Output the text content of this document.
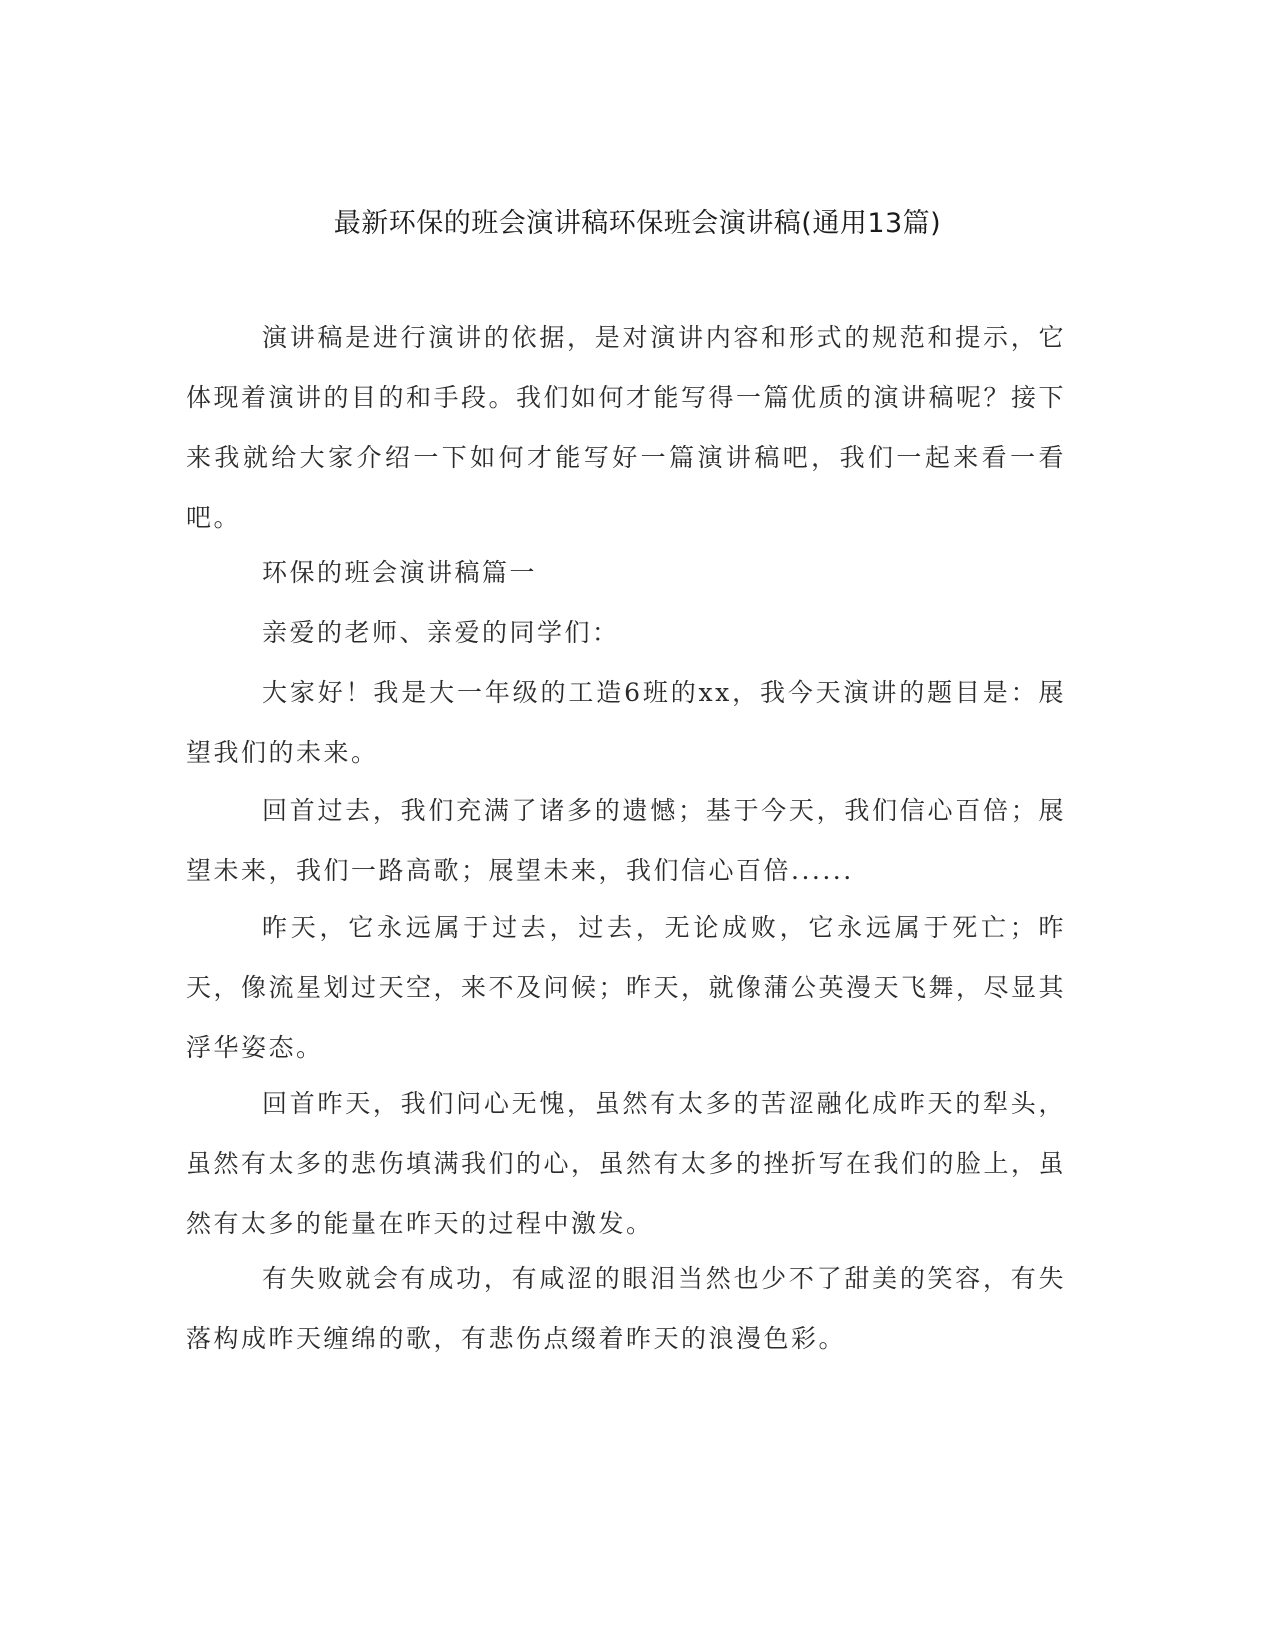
最新环保的班会演讲稿环保班会演讲稿(通用13篇)

演讲稿是进行演讲的依据，是对演讲内容和形式的规范和提示，它体现着演讲的目的和手段。我们如何才能写得一篇优质的演讲稿呢？接下来我就给大家介绍一下如何才能写好一篇演讲稿吧，我们一起来看一看吧。

环保的班会演讲稿篇一
亲爱的老师、亲爱的同学们：

大家好！我是大一年级的工造6班的xx，我今天演讲的题目是：展望我们的未来。

回首过去，我们充满了诸多的遗憾；基于今天，我们信心百倍；展望未来，我们一路高歌；展望未来，我们信心百倍......

昨天，它永远属于过去，过去，无论成败，它永远属于死亡；昨天，像流星划过天空，来不及问候；昨天，就像蒲公英漫天飞舞，尽显其浮华姿态。

回首昨天，我们问心无愧，虽然有太多的苦涩融化成昨天的犁头，虽然有太多的悲伤填满我们的心，虽然有太多的挫折写在我们的脸上，虽然有太多的能量在昨天的过程中激发。

有失败就会有成功，有咸涩的眼泪当然也少不了甜美的笑容，有失落构成昨天缠绵的歌，有悲伤点缀着昨天的浪漫色彩。
